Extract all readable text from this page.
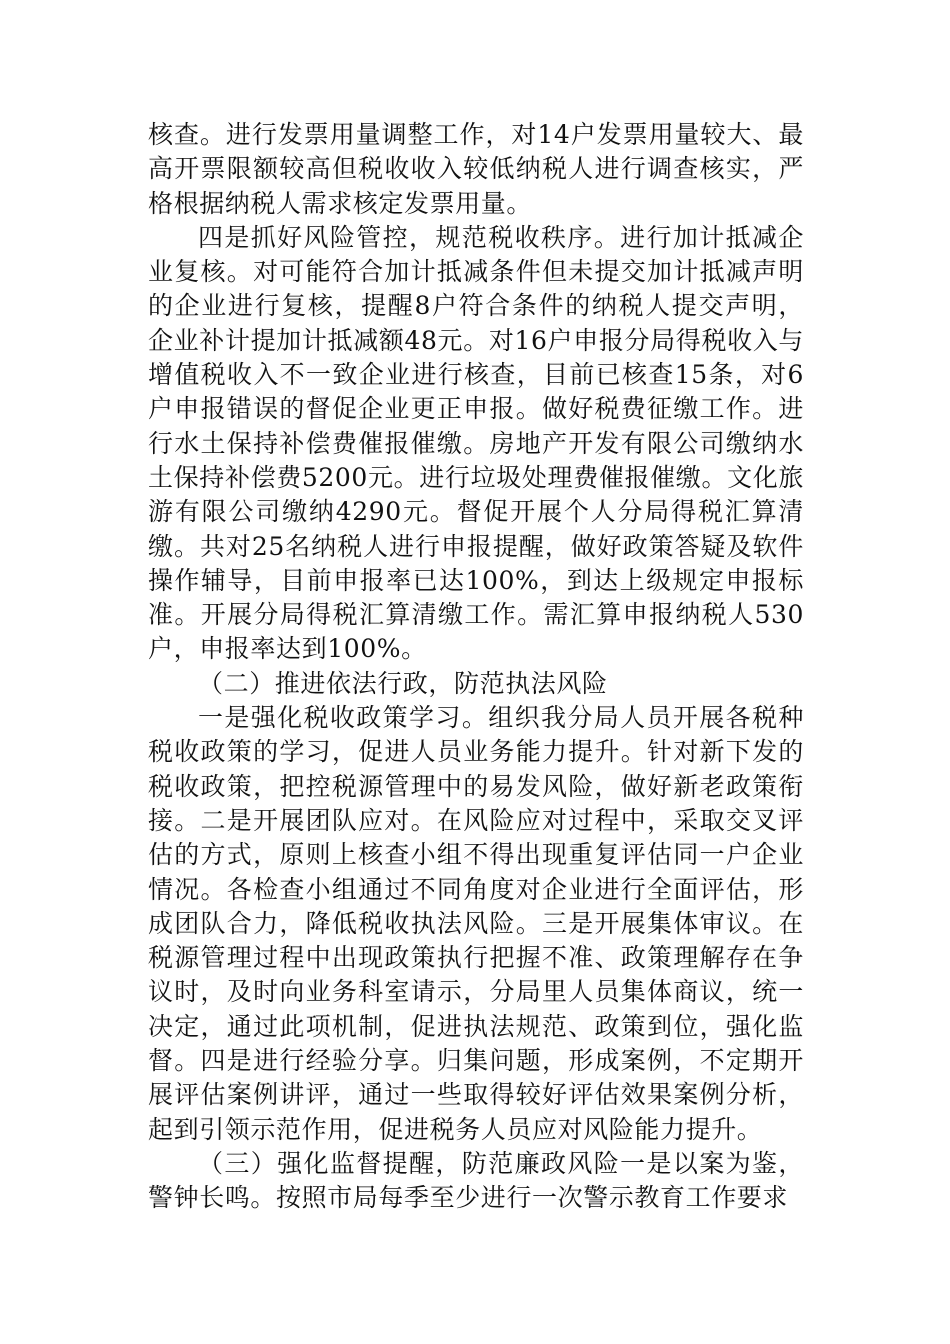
核查。进行发票用量调整工作，对14户发票用量较大、最高开票限额较高但税收收入较低纳税人进行调查核实，严格根据纳税人需求核定发票用量。

四是抓好风险管控，规范税收秩序。进行加计抵减企业复核。对可能符合加计抵减条件但未提交加计抵减声明的企业进行复核，提醒8户符合条件的纳税人提交声明，企业补计提加计抵减额48元。对16户申报分局得税收入与增值税收入不一致企业进行核查，目前已核查15条，对6户申报错误的督促企业更正申报。做好税费征缴工作。进行水土保持补偿费催报催缴。房地产开发有限公司缴纳水土保持补偿费5200元。进行垃圾处理费催报催缴。文化旅游有限公司缴纳4290元。督促开展个人分局得税汇算清缴。共对25名纳税人进行申报提醒，做好政策答疑及软件操作辅导，目前申报率已达100%，到达上级规定申报标准。开展分局得税汇算清缴工作。需汇算申报纳税人530户，申报率达到100%。

（二）推进依法行政，防范执法风险

一是强化税收政策学习。组织我分局人员开展各税种税收政策的学习，促进人员业务能力提升。针对新下发的税收政策，把控税源管理中的易发风险，做好新老政策衔接。二是开展团队应对。在风险应对过程中，采取交叉评估的方式，原则上核查小组不得出现重复评估同一户企业情况。各检查小组通过不同角度对企业进行全面评估，形成团队合力，降低税收执法风险。三是开展集体审议。在税源管理过程中出现政策执行把握不准、政策理解存在争议时，及时向业务科室请示，分局里人员集体商议，统一决定，通过此项机制，促进执法规范、政策到位，强化监督。四是进行经验分享。归集问题，形成案例，不定期开展评估案例讲评，通过一些取得较好评估效果案例分析，起到引领示范作用，促进税务人员应对风险能力提升。

（三）强化监督提醒，防范廉政风险一是以案为鉴，警钟长鸣。按照市局每季至少进行一次警示教育工作要求
